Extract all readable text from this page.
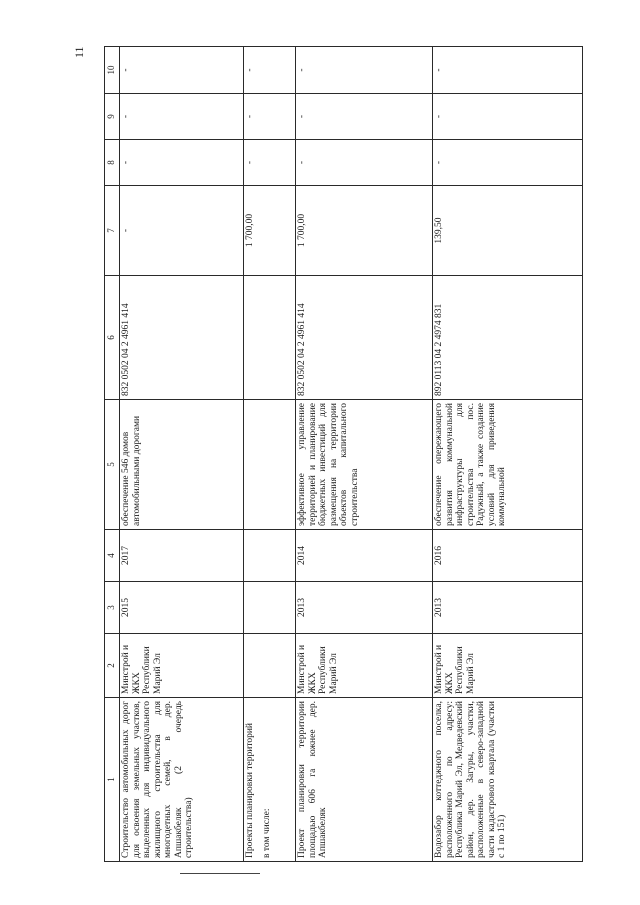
11
1	2	3	4	5	6	7	8	9	10
Строительство автомобильных дорог для освоения земельных участков, выделенных для индивидуального жилищного строительства для многодетных семей, в дер. Апшакбеляк (2 очередь строительства)	Минстрой и ЖКХ Республики Марий Эл	2015	2017	обеспечение 546 домов автомобильными дорогами	832 0502 04 2 4961 414	-	-	-	-

Проекты планировки территорий в том числе:						1 700,00	-	-	-
Проект планировки территории площадью 606 га южнее дер. Апшакбеляк	Минстрой и ЖКХ Республики Марий Эл	2013	2014	эффективное управление территорией и планирование бюджетных инвестиций для размещения на территории объектов капитального строительства	832 0502 04 2 4961 414	1 700,00	-	-	-
Водозабор коттеджного поселка, расположенного по адресу: Республика Марий Эл, Медведевский район, дер. Загуры, участки, расположенные в северо-западной части кадастрового квартала (участки с 1 по 151)	Минстрой и ЖКХ Республики Марий Эл	2013	2016	обеспечение опережающего развития коммунальной инфраструктуры для строительства пос. Радужный, а также создание условий для приведения коммунальной	892 0113 04 2 4974 831	139,50	-	-	-
